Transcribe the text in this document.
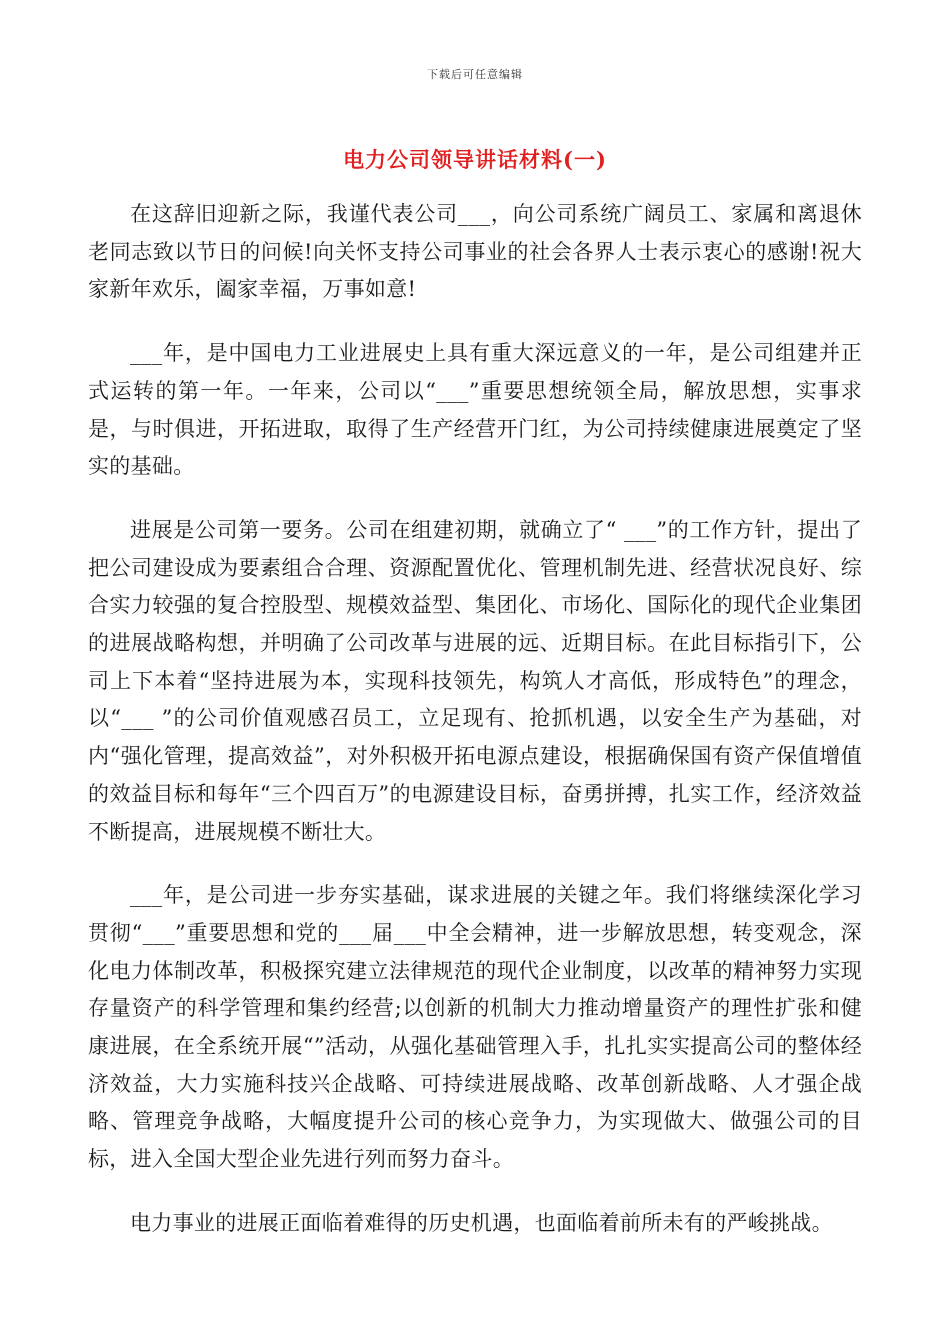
下载后可任意编辑
电力公司领导讲话材料(一)

在这辞旧迎新之际，我谨代表公司___，向公司系统广阔员工、家属和离退休老同志致以节日的问候!向关怀支持公司事业的社会各界人士表示衷心的感谢!祝大家新年欢乐，阖家幸福，万事如意!

___年，是中国电力工业进展史上具有重大深远意义的一年，是公司组建并正式运转的第一年。一年来，公司以“___”重要思想统领全局，解放思想，实事求是，与时俱进，开拓进取，取得了生产经营开门红，为公司持续健康进展奠定了坚实的基础。

进展是公司第一要务。公司在组建初期，就确立了“ ___”的工作方针，提出了把公司建设成为要素组合合理、资源配置优化、管理机制先进、经营状况良好、综合实力较强的复合控股型、规模效益型、集团化、市场化、国际化的现代企业集团的进展战略构想，并明确了公司改革与进展的远、近期目标。在此目标指引下，公司上下本着“坚持进展为本，实现科技领先，构筑人才高低，形成特色”的理念，以“___ ”的公司价值观感召员工，立足现有、抢抓机遇，以安全生产为基础，对内“强化管理，提高效益”，对外积极开拓电源点建设，根据确保国有资产保值增值的效益目标和每年“三个四百万”的电源建设目标，奋勇拼搏，扎实工作，经济效益不断提高，进展规模不断壮大。

___年，是公司进一步夯实基础，谋求进展的关键之年。我们将继续深化学习贯彻“___”重要思想和党的___届___中全会精神，进一步解放思想，转变观念，深化电力体制改革，积极探究建立法律规范的现代企业制度，以改革的精神努力实现存量资产的科学管理和集约经营;以创新的机制大力推动增量资产的理性扩张和健康进展，在全系统开展“”活动，从强化基础管理入手，扎扎实实提高公司的整体经济效益，大力实施科技兴企战略、可持续进展战略、改革创新战略、人才强企战略、管理竞争战略，大幅度提升公司的核心竞争力，为实现做大、做强公司的目标，进入全国大型企业先进行列而努力奋斗。

电力事业的进展正面临着难得的历史机遇，也面临着前所未有的严峻挑战。
